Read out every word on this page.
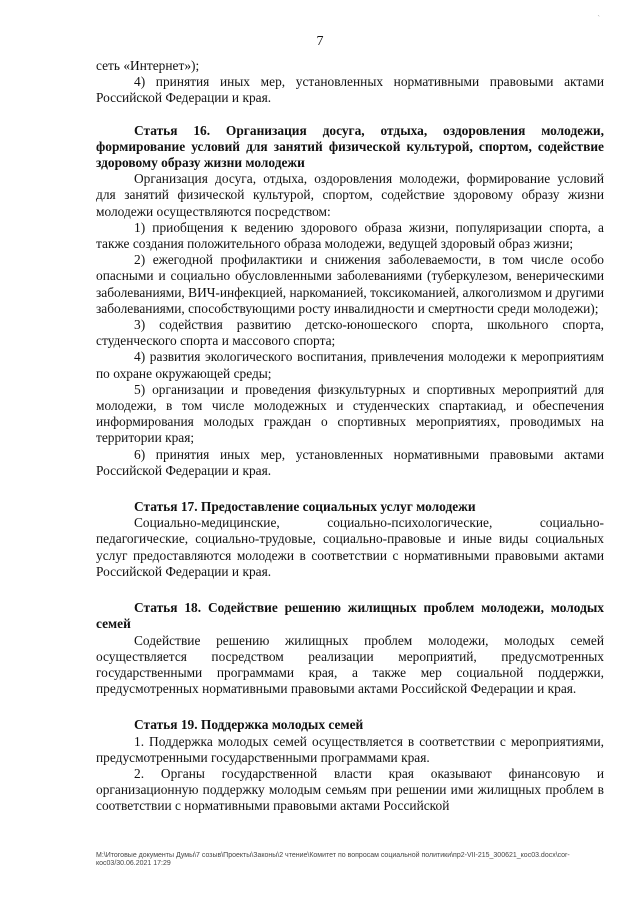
`
7

сеть «Интернет»);

4) принятия иных мер, установленных нормативными правовыми актами Российской Федерации и края.

Статья 16. Организация досуга, отдыха, оздоровления молодежи, формирование условий для занятий физической культурой, спортом, содействие здоровому образу жизни молодежи

Организация досуга, отдыха, оздоровления молодежи, формирование условий для занятий физической культурой, спортом, содействие здоровому образу жизни молодежи осуществляются посредством:

1) приобщения к ведению здорового образа жизни, популяризации спорта, а также создания положительного образа молодежи, ведущей здоровый образ жизни;

2) ежегодной профилактики и снижения заболеваемости, в том числе особо опасными и социально обусловленными заболеваниями (туберкулезом, венерическими заболеваниями, ВИЧ-инфекцией, наркоманией, токсикоманией, алкоголизмом и другими заболеваниями, способствующими росту инвалидности и смертности среди молодежи);

3) содействия развитию детско-юношеского спорта, школьного спорта, студенческого спорта и массового спорта;

4) развития экологического воспитания, привлечения молодежи к мероприятиям по охране окружающей среды;

5) организации и проведения физкультурных и спортивных мероприятий для молодежи, в том числе молодежных и студенческих спартакиад, и обеспечения информирования молодых граждан о спортивных мероприятиях, проводимых на территории края;

6) принятия иных мер, установленных нормативными правовыми актами Российской Федерации и края.

Статья 17. Предоставление социальных услуг молодежи

Социально-медицинские, социально-психологические, социально-педагогические, социально-трудовые, социально-правовые и иные виды социальных услуг предоставляются молодежи в соответствии с нормативными правовыми актами Российской Федерации и края.

Статья 18. Содействие решению жилищных проблем молодежи, молодых семей

Содействие решению жилищных проблем молодежи, молодых семей осуществляется посредством реализации мероприятий, предусмотренных государственными программами края, а также мер социальной поддержки, предусмотренных нормативными правовыми актами Российской Федерации и края.

Статья 19. Поддержка молодых семей

1. Поддержка молодых семей осуществляется в соответствии с мероприятиями, предусмотренными государственными программами края.

2. Органы государственной власти края оказывают финансовую и организационную поддержку молодым семьям при решении ими жилищных проблем в соответствии с нормативными правовыми актами Российской

M:\Итоговые документы Думы\7 созыв\Проекты\Законы\2 чтение\Комитет по вопросам социальной политики\пр2-VII-215_300621_кос03.docx\cor-кос03/30.06.2021 17:29
